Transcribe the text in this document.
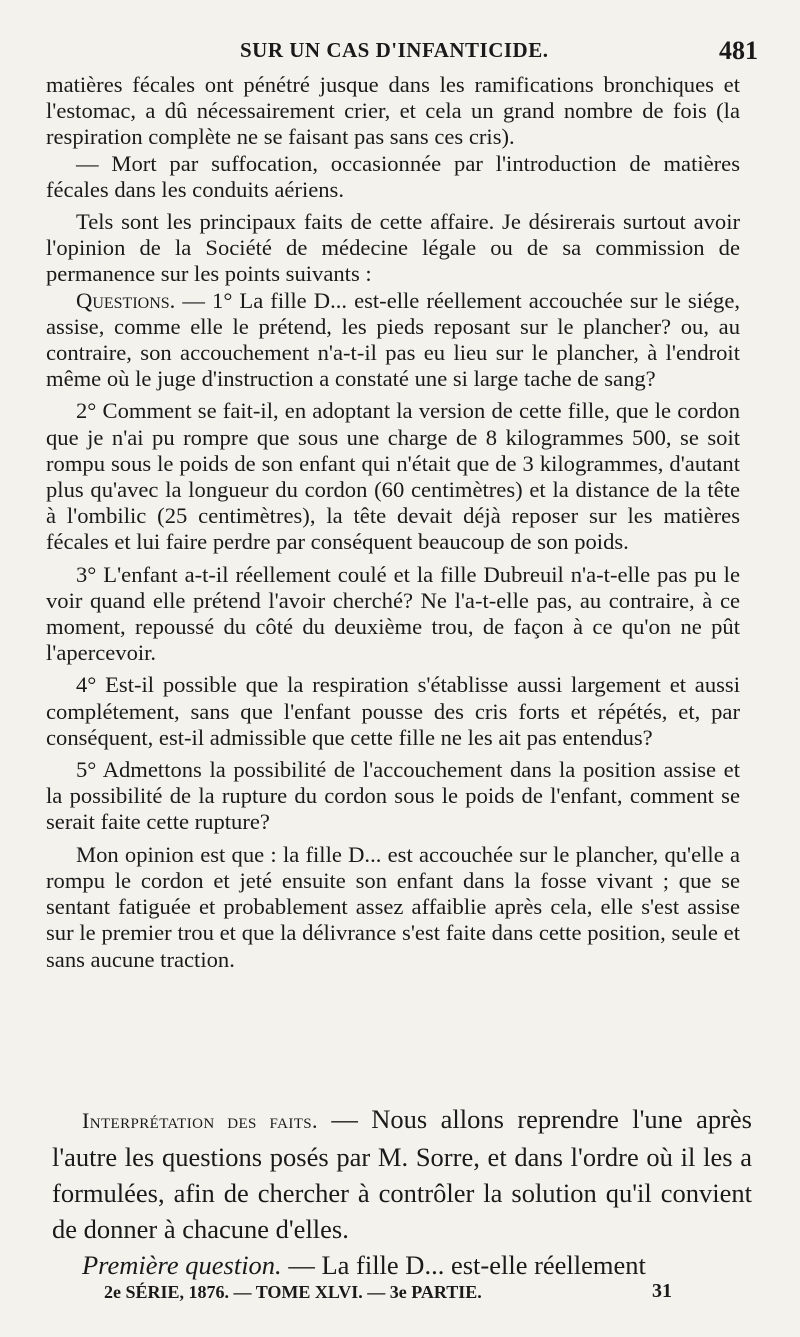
SUR UN CAS D'INFANTICIDE.	481

matières fécales ont pénétré jusque dans les ramifications bronchiques et l'estomac, a dû nécessairement crier, et cela un grand nombre de fois (la respiration complète ne se faisant pas sans ces cris).

— Mort par suffocation, occasionnée par l'introduction de matières fécales dans les conduits aériens.

Tels sont les principaux faits de cette affaire. Je désirerais surtout avoir l'opinion de la Société de médecine légale ou de sa commission de permanence sur les points suivants :

Questions. — 1° La fille D... est-elle réellement accouchée sur le siége, assise, comme elle le prétend, les pieds reposant sur le plancher? ou, au contraire, son accouchement n'a-t-il pas eu lieu sur le plancher, à l'endroit même où le juge d'instruction a constaté une si large tache de sang?

2° Comment se fait-il, en adoptant la version de cette fille, que le cordon que je n'ai pu rompre que sous une charge de 8 kilogrammes 500, se soit rompu sous le poids de son enfant qui n'était que de 3 kilogrammes, d'autant plus qu'avec la longueur du cordon (60 centimètres) et la distance de la tête à l'ombilic (25 centimètres), la tête devait déjà reposer sur les matières fécales et lui faire perdre par conséquent beaucoup de son poids.

3° L'enfant a-t-il réellement coulé et la fille Dubreuil n'a-t-elle pas pu le voir quand elle prétend l'avoir cherché? Ne l'a-t-elle pas, au contraire, à ce moment, repoussé du côté du deuxième trou, de façon à ce qu'on ne pût l'apercevoir.

4° Est-il possible que la respiration s'établisse aussi largement et aussi complétement, sans que l'enfant pousse des cris forts et répétés, et, par conséquent, est-il admissible que cette fille ne les ait pas entendus?

5° Admettons la possibilité de l'accouchement dans la position assise et la possibilité de la rupture du cordon sous le poids de l'enfant, comment se serait faite cette rupture?

Mon opinion est que : la fille D... est accouchée sur le plancher, qu'elle a rompu le cordon et jeté ensuite son enfant dans la fosse vivant ; que se sentant fatiguée et probablement assez affaiblie après cela, elle s'est assise sur le premier trou et que la délivrance s'est faite dans cette position, seule et sans aucune traction.

Interprétation des faits. — Nous allons reprendre l'une après l'autre les questions posés par M. Sorre, et dans l'ordre où il les a formulées, afin de chercher à contrôler la solution qu'il convient de donner à chacune d'elles.

Première question. — La fille D... est-elle réellement

2e SÉRIE, 1876. — TOME XLVI. — 3e PARTIE.	31
